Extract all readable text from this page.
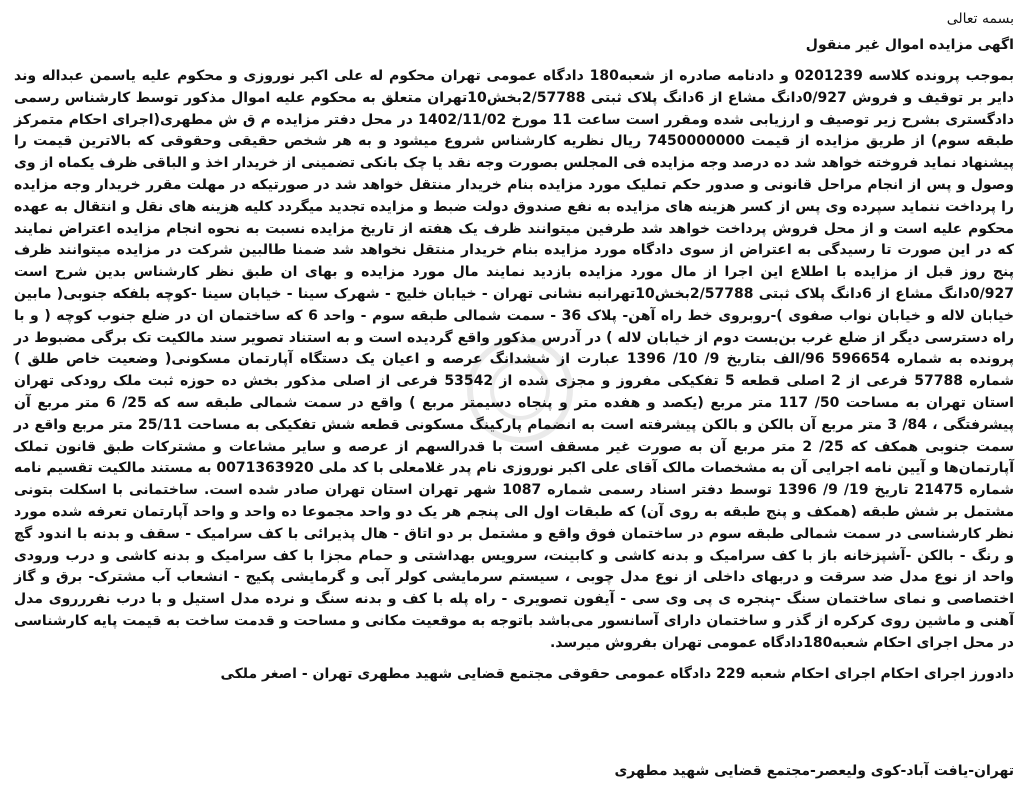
بسمه تعالی

اگهی مزایده اموال غیر منقول

بموجب پرونده کلاسه 0201239 و دادنامه صادره از شعبه180 دادگاه عمومی تهران محکوم له علی اکبر نوروزی و محکوم علیه یاسمن عبداله وند دایر بر توقیف و فروش 0/927دانگ مشاع از 6دانگ پلاک ثبتی 2/57788بخش10تهران متعلق به محکوم علیه اموال مذکور توسط کارشناس رسمی دادگستری بشرح زیر توصیف و ارزیابی شده ومقرر است ساعت 11 مورخ 1402/11/02 در محل دفتر مزایده م ق ش مطهری(اجرای احکام متمرکز طبقه سوم) از طریق مزایده از قیمت 7450000000 ریال نظریه کارشناس شروع میشود و به هر شخص حقیقی وحقوقی که بالاترین قیمت را پیشنهاد نماید فروخته خواهد شد ده درصد وجه مزایده فی المجلس بصورت وجه نقد یا چک بانکی تضمینی از خریدار اخذ و الباقی ظرف یکماه از وی وصول و پس از انجام مراحل قانونی و صدور حکم تملیک مورد مزایده بنام خریدار منتقل خواهد شد در صورتیکه در مهلت مقرر خریدار وجه مزایده را پرداخت ننماید سپرده وی پس از کسر هزینه های مزایده به نفع صندوق دولت ضبط و مزایده تجدید میگردد کلیه هزینه های نقل و انتقال به عهده محکوم علیه است و از محل فروش پرداخت خواهد شد طرفین میتوانند ظرف یک هفته از تاریخ مزایده نسبت به نحوه انجام مزایده اعتراض نمایند که در این صورت تا رسیدگی به اعتراض از سوی دادگاه مورد مزایده بنام خریدار منتقل نخواهد شد ضمنا طالبین شرکت در مزایده میتوانند ظرف پنج روز قبل از مزایده با اطلاع این اجرا از مال مورد مزایده بازدید نمایند مال مورد مزایده و بهای ان طبق نظر کارشناس بدین شرح است 0/927دانگ مشاع از 6دانگ پلاک ثبتی 2/57788بخش10تهرانبه نشانی تهران - خیابان خلیج - شهرک سینا - خیابان سینا -کوچه بلفکه جنوبی( مابین خیابان لاله و خیابان نواب صفوی )-روبروی خط راه آهن- پلاک 36 - سمت شمالی طبقه سوم - واحد 6 که ساختمان ان در ضلع جنوب کوچه ( و با راه دسترسی دیگر از ضلع غرب بن‌بست دوم از خیابان لاله ) در آدرس مذکور واقع گردیده است و به استناد تصویر سند مالکیت تک برگی مضبوط در پرونده به شماره 596654 96/الف بتاریخ 9/ 10/ 1396 عبارت از ششدانگ عرصه و اعیان یک دستگاه آپارتمان مسکونی( وضعیت خاص طلق ) شماره 57788 فرعی از 2 اصلی قطعه 5 تفکیکی مفروز و مجزی شده از 53542 فرعی از اصلی مذکور بخش ده حوزه ثبت ملک رودکی تهران استان تهران به مساحت 50/ 117 متر مربع (یکصد و هفده متر و پنجاه دسیمتر مربع ) واقع در سمت شمالی طبقه سه که 25/ 6 متر مربع آن پیشرفتگی ، 84/ 3 متر مربع آن بالکن و بالکن پیشرفته است به انضمام پارکینگ مسکونی قطعه شش تفکیکی به مساحت 25/11 متر مربع واقع در سمت جنوبی همکف که 25/ 2 متر مربع آن به صورت غیر مسقف است با قدرالسهم از عرصه و سایر مشاعات و مشترکات طبق قانون تملک آپارتمان‌ها و آیین نامه اجرایی آن به مشخصات مالک آقای علی اکبر نوروزی نام پدر غلامعلی با کد ملی 0071363920 به مستند مالکیت تقسیم نامه شماره 21475 تاریخ 19/ 9/ 1396 توسط دفتر اسناد رسمی شماره 1087 شهر تهران استان تهران صادر شده است. ساختمانی با اسکلت بتونی مشتمل بر شش طبقه (همکف و پنج طبقه به روی آن) که طبقات اول الی پنجم هر یک دو واحد مجموعا ده واحد و واحد آپارتمان تعرفه شده مورد نظر کارشناسی در سمت شمالی طبقه سوم در ساختمان فوق واقع و مشتمل بر دو اتاق - هال پذیرائی با کف سرامیک - سقف و بدنه با اندود گچ و رنگ - بالکن -آشپزخانه باز با کف سرامیک و بدنه کاشی و کابینت، سرویس بهداشتی و حمام مجزا با کف سرامیک و بدنه کاشی و درب ورودی واحد از نوع مدل ضد سرقت و دربهای داخلی از نوع مدل چوبی ، سیستم سرمایشی کولر آبی و گرمایشی پکیج - انشعاب آب مشترک- برق و گاز اختصاصی و نمای ساختمان سنگ -پنجره ی پی وی سی - آیفون تصویری - راه پله با کف و بدنه سنگ و نرده مدل استیل و با درب نفررروی مدل آهنی و ماشین روی کرکره از گذر و ساختمان دارای آسانسور می‌باشد باتوجه به موقعیت مکانی و مساحت و قدمت ساخت به قیمت پایه کارشناسی در محل اجرای احکام شعبه180دادگاه عمومی تهران بفروش میرسد.

دادورز اجرای احکام اجرای احکام شعبه 229 دادگاه عمومی حقوقی مجتمع قضایی شهید مطهری تهران - اصغر ملکی

تهران-یافت آباد-کوی ولیعصر-مجتمع قضایی شهید مطهری
